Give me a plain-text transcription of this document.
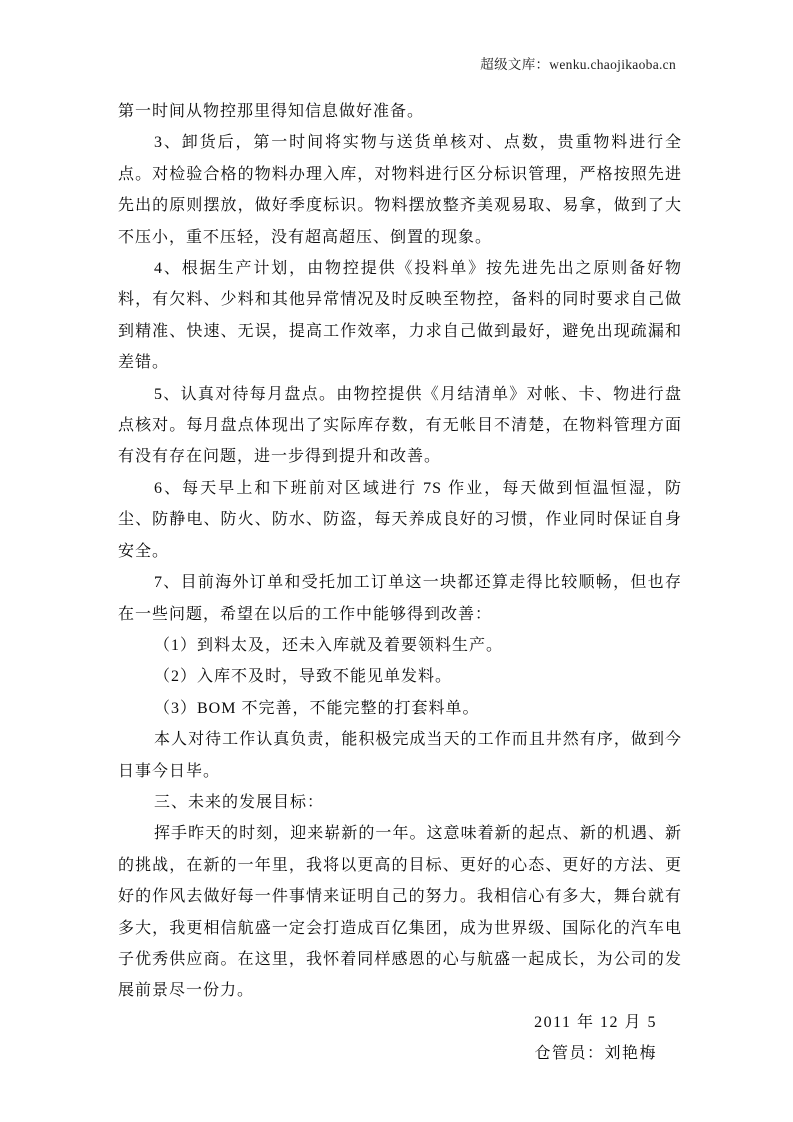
超级文库：wenku.chaojikaoba.cn

第一时间从物控那里得知信息做好准备。

3、卸货后，第一时间将实物与送货单核对、点数，贵重物料进行全点。对检验合格的物料办理入库，对物料进行区分标识管理，严格按照先进先出的原则摆放，做好季度标识。物料摆放整齐美观易取、易拿，做到了大不压小，重不压轻，没有超高超压、倒置的现象。

4、根据生产计划，由物控提供《投料单》按先进先出之原则备好物料，有欠料、少料和其他异常情况及时反映至物控，备料的同时要求自己做到精准、快速、无误，提高工作效率，力求自己做到最好，避免出现疏漏和差错。

5、认真对待每月盘点。由物控提供《月结清单》对帐、卡、物进行盘点核对。每月盘点体现出了实际库存数，有无帐目不清楚，在物料管理方面有没有存在问题，进一步得到提升和改善。

6、每天早上和下班前对区域进行 7S 作业，每天做到恒温恒湿，防尘、防静电、防火、防水、防盗，每天养成良好的习惯，作业同时保证自身安全。

7、目前海外订单和受托加工订单这一块都还算走得比较顺畅，但也存在一些问题，希望在以后的工作中能够得到改善：

（1）到料太及，还未入库就及着要领料生产。

（2）入库不及时，导致不能见单发料。

（3）BOM 不完善，不能完整的打套料单。

本人对待工作认真负责，能积极完成当天的工作而且井然有序，做到今日事今日毕。

三、未来的发展目标：

挥手昨天的时刻，迎来崭新的一年。这意味着新的起点、新的机遇、新的挑战，在新的一年里，我将以更高的目标、更好的心态、更好的方法、更好的作风去做好每一件事情来证明自己的努力。我相信心有多大，舞台就有多大，我更相信航盛一定会打造成百亿集团，成为世界级、国际化的汽车电子优秀供应商。在这里，我怀着同样感恩的心与航盛一起成长，为公司的发展前景尽一份力。

2011 年 12 月 5
仓管员：刘艳梅
